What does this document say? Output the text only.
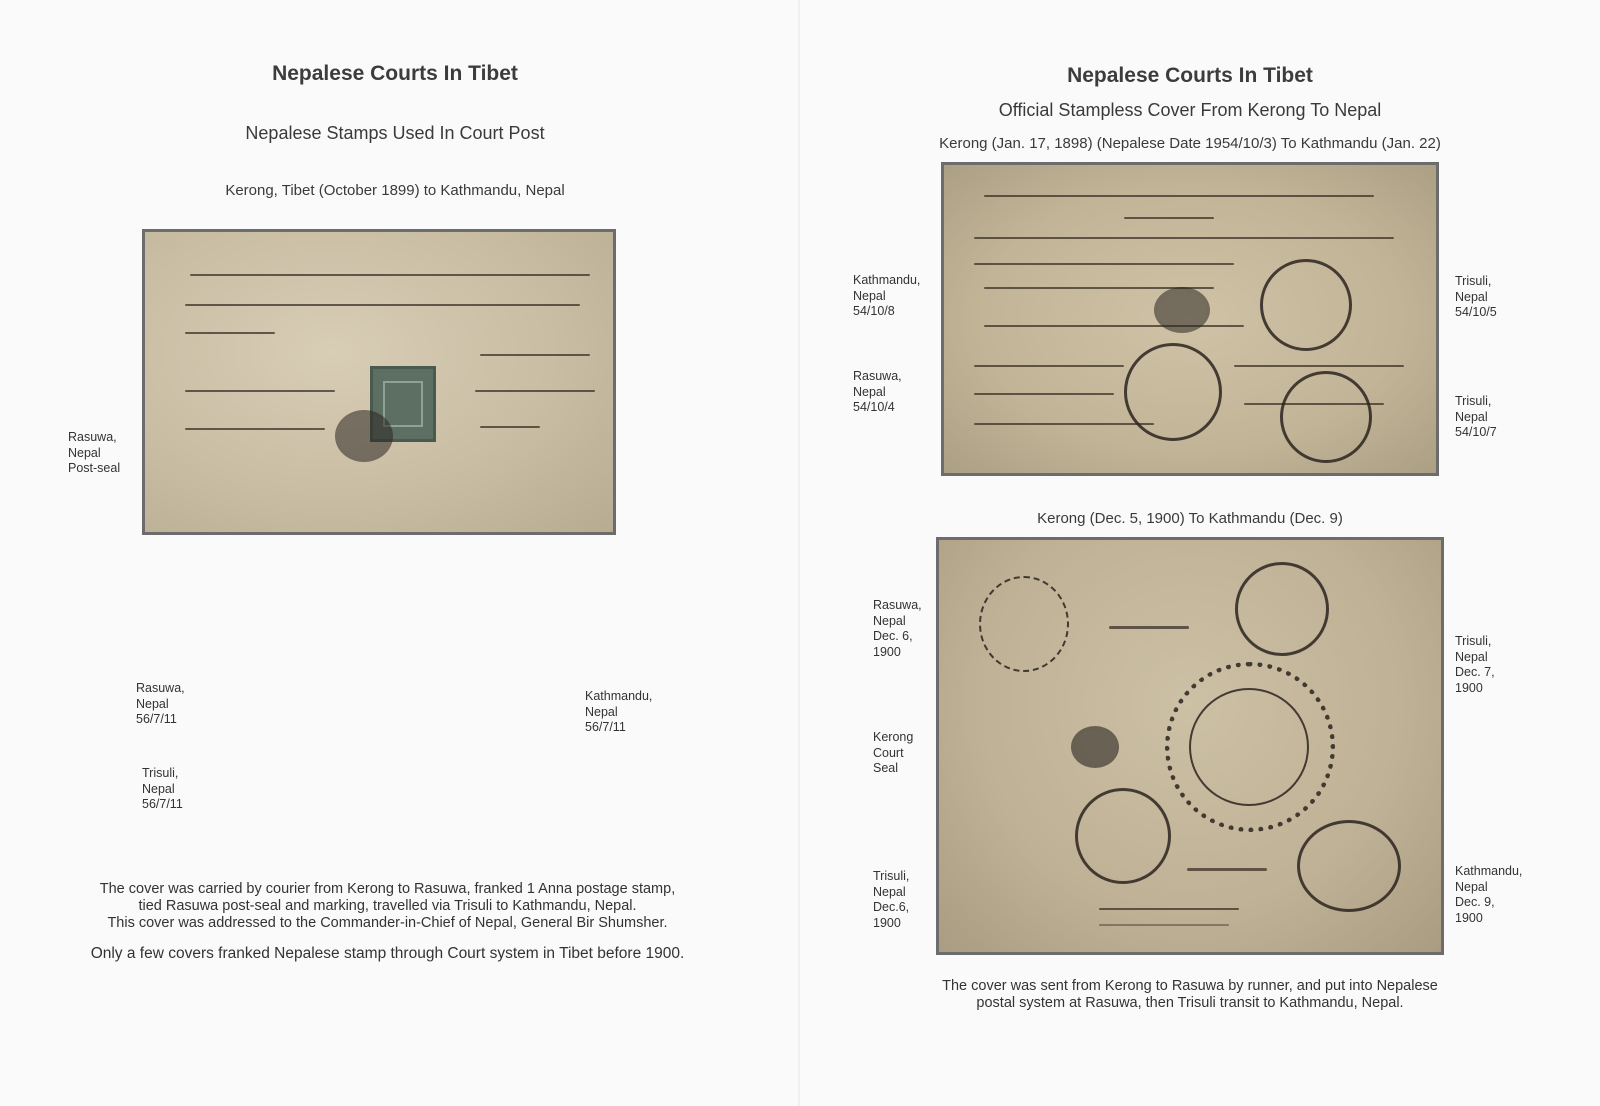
Nepalese Courts In Tibet
Nepalese Stamps Used In Court Post
Kerong, Tibet (October 1899) to Kathmandu, Nepal
Rasuwa,
Nepal
Post-seal
Rasuwa,
Nepal
56/7/11
Kathmandu,
Nepal
56/7/11
Trisuli,
Nepal
56/7/11
The cover was carried by courier from Kerong to Rasuwa, franked 1 Anna postage stamp,
tied Rasuwa post-seal and marking, travelled via Trisuli to Kathmandu, Nepal.
This cover was addressed to the Commander-in-Chief of Nepal, General Bir Shumsher.
Only a few covers franked Nepalese stamp through Court system in Tibet before 1900.
Nepalese Courts In Tibet
Official Stampless Cover From Kerong To Nepal
Kerong (Jan. 17, 1898) (Nepalese Date 1954/10/3) To Kathmandu (Jan. 22)
Kathmandu,
Nepal
54/10/8
Rasuwa,
Nepal
54/10/4
Trisuli,
Nepal
54/10/5
Trisuli,
Nepal
54/10/7
Kerong (Dec. 5, 1900) To Kathmandu (Dec. 9)
Rasuwa,
Nepal
Dec. 6,
1900
Kerong
Court
Seal
Trisuli,
Nepal
Dec.6,
1900
Trisuli,
Nepal
Dec. 7,
1900
Kathmandu,
Nepal
Dec. 9,
1900
The cover was sent from Kerong to Rasuwa by runner, and put into Nepalese
postal system at Rasuwa, then Trisuli transit to Kathmandu, Nepal.
